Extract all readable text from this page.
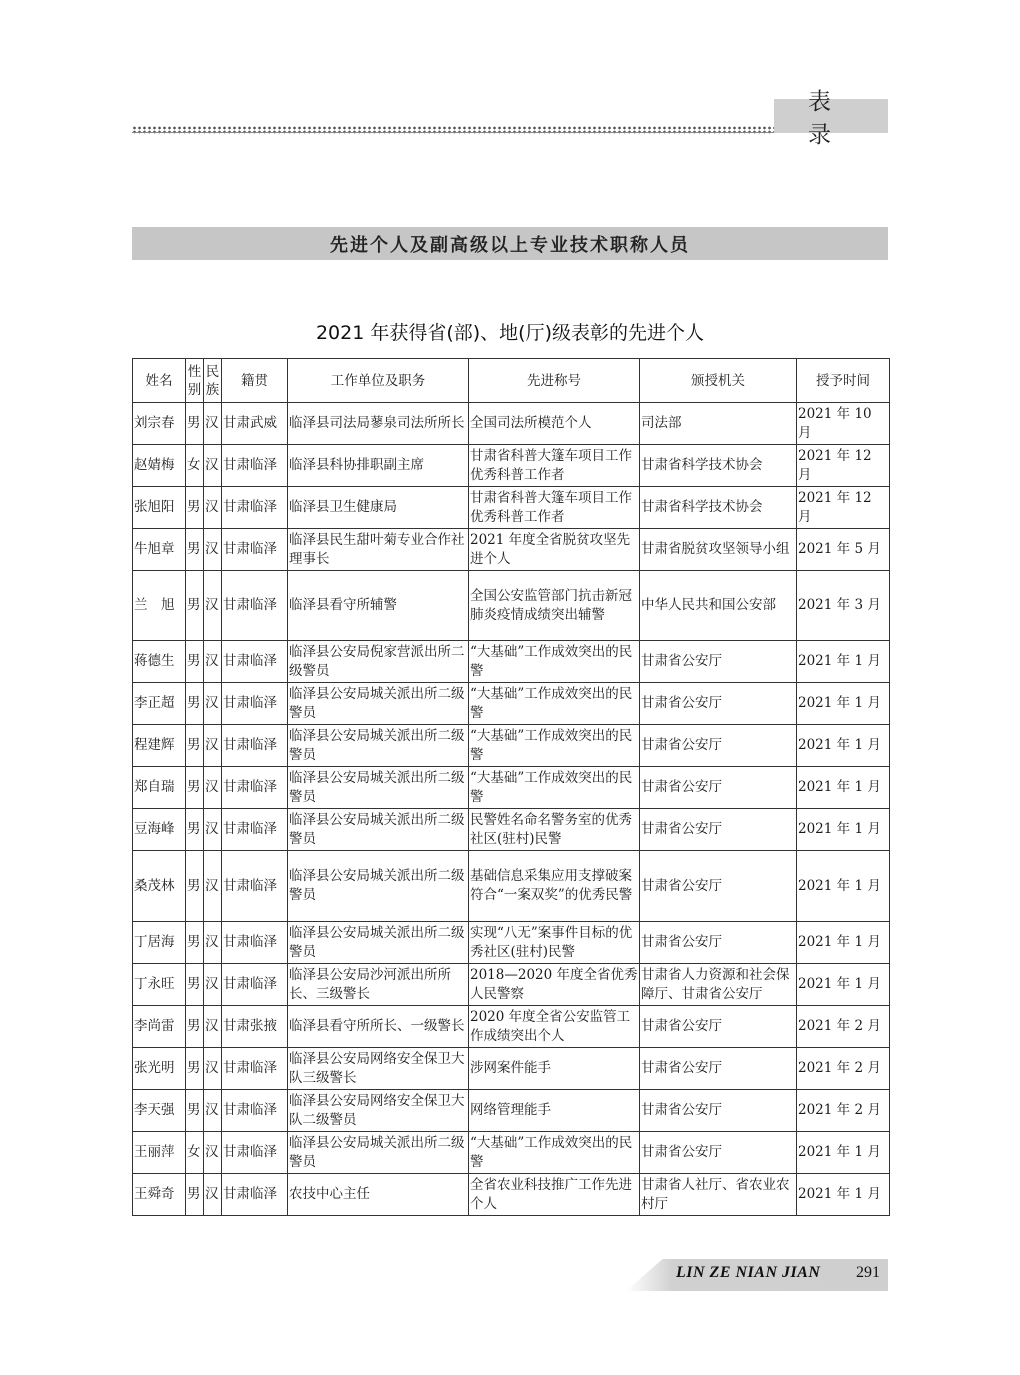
表录
先进个人及副高级以上专业技术职称人员
2021 年获得省(部)、地(厅)级表彰的先进个人
姓名	性别	民族	籍贯	工作单位及职务	先进称号	颁授机关	授予时间
刘宗春	男	汉	甘肃武威	临泽县司法局蓼泉司法所所长	全国司法所模范个人	司法部	2021 年 10 月
赵婧梅	女	汉	甘肃临泽	临泽县科协排职副主席	甘肃省科普大篷车项目工作优秀科普工作者	甘肃省科学技术协会	2021 年 12 月
张旭阳	男	汉	甘肃临泽	临泽县卫生健康局	甘肃省科普大篷车项目工作优秀科普工作者	甘肃省科学技术协会	2021 年 12 月
牛旭章	男	汉	甘肃临泽	临泽县民生甜叶菊专业合作社理事长	2021 年度全省脱贫攻坚先进个人	甘肃省脱贫攻坚领导小组	2021 年 5 月
兰　旭	男	汉	甘肃临泽	临泽县看守所辅警	全国公安监管部门抗击新冠肺炎疫情成绩突出辅警	中华人民共和国公安部	2021 年 3 月
蒋德生	男	汉	甘肃临泽	临泽县公安局倪家营派出所二级警员	“大基础”工作成效突出的民警	甘肃省公安厅	2021 年 1 月
李正超	男	汉	甘肃临泽	临泽县公安局城关派出所二级警员	“大基础”工作成效突出的民警	甘肃省公安厅	2021 年 1 月
程建辉	男	汉	甘肃临泽	临泽县公安局城关派出所二级警员	“大基础”工作成效突出的民警	甘肃省公安厅	2021 年 1 月
郑自瑞	男	汉	甘肃临泽	临泽县公安局城关派出所二级警员	“大基础”工作成效突出的民警	甘肃省公安厅	2021 年 1 月
豆海峰	男	汉	甘肃临泽	临泽县公安局城关派出所二级警员	民警姓名命名警务室的优秀社区(驻村)民警	甘肃省公安厅	2021 年 1 月
桑茂林	男	汉	甘肃临泽	临泽县公安局城关派出所二级警员	基础信息采集应用支撑破案符合“一案双奖”的优秀民警	甘肃省公安厅	2021 年 1 月
丁居海	男	汉	甘肃临泽	临泽县公安局城关派出所二级警员	实现“八无”案事件目标的优秀社区(驻村)民警	甘肃省公安厅	2021 年 1 月
丁永旺	男	汉	甘肃临泽	临泽县公安局沙河派出所所长、三级警长	2018—2020 年度全省优秀人民警察	甘肃省人力资源和社会保障厅、甘肃省公安厅	2021 年 1 月
李尚雷	男	汉	甘肃张掖	临泽县看守所所长、一级警长	2020 年度全省公安监管工作成绩突出个人	甘肃省公安厅	2021 年 2 月
张光明	男	汉	甘肃临泽	临泽县公安局网络安全保卫大队三级警长	涉网案件能手	甘肃省公安厅	2021 年 2 月
李天强	男	汉	甘肃临泽	临泽县公安局网络安全保卫大队二级警员	网络管理能手	甘肃省公安厅	2021 年 2 月
王丽萍	女	汉	甘肃临泽	临泽县公安局城关派出所二级警员	“大基础”工作成效突出的民警	甘肃省公安厅	2021 年 1 月
王舜奇	男	汉	甘肃临泽	农技中心主任	全省农业科技推广工作先进个人	甘肃省人社厅、省农业农村厅	2021 年 1 月
LIN ZE NIAN JIAN 291
